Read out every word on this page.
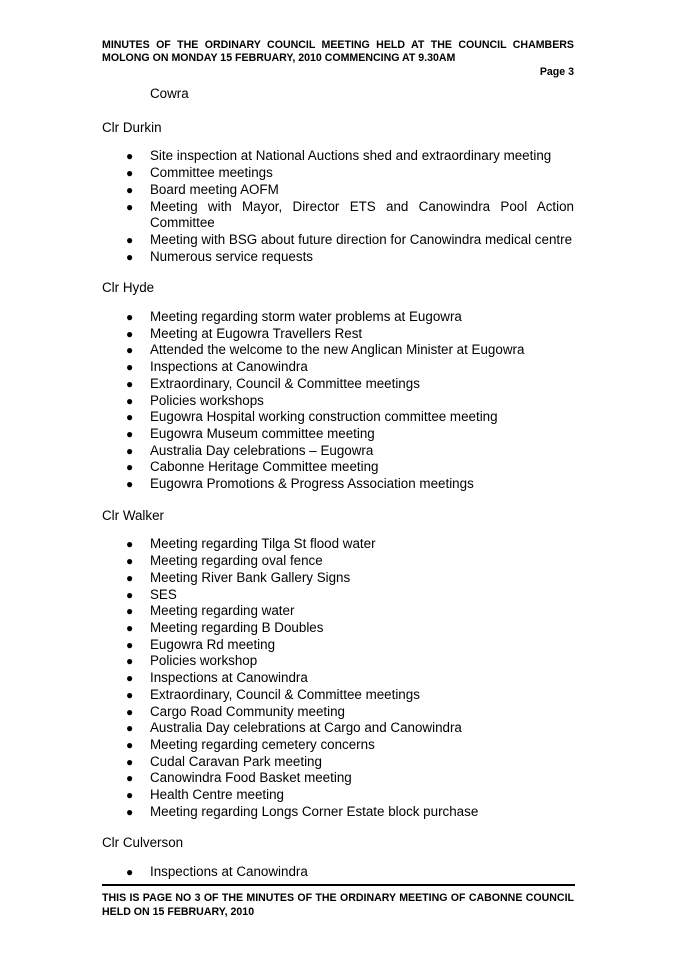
MINUTES OF THE ORDINARY COUNCIL MEETING HELD AT THE COUNCIL CHAMBERS MOLONG ON MONDAY 15 FEBRUARY, 2010 COMMENCING AT 9.30AM
Page 3
Cowra
Clr Durkin
● Site inspection at National Auctions shed and extraordinary meeting
● Committee meetings
● Board meeting AOFM
● Meeting with Mayor, Director ETS and Canowindra Pool Action Committee
● Meeting with BSG about future direction for Canowindra medical centre
● Numerous service requests
Clr Hyde
● Meeting regarding storm water problems at Eugowra
● Meeting at Eugowra Travellers Rest
● Attended the welcome to the new Anglican Minister at Eugowra
● Inspections at Canowindra
● Extraordinary, Council & Committee meetings
● Policies workshops
● Eugowra Hospital working construction committee meeting
● Eugowra Museum committee meeting
● Australia Day celebrations – Eugowra
● Cabonne Heritage Committee meeting
● Eugowra Promotions & Progress Association meetings
Clr Walker
● Meeting regarding Tilga St flood water
● Meeting regarding oval fence
● Meeting River Bank Gallery Signs
● SES
● Meeting regarding water
● Meeting regarding B Doubles
● Eugowra Rd meeting
● Policies workshop
● Inspections at Canowindra
● Extraordinary, Council & Committee meetings
● Cargo Road Community meeting
● Australia Day celebrations at Cargo and Canowindra
● Meeting regarding cemetery concerns
● Cudal Caravan Park meeting
● Canowindra Food Basket meeting
● Health Centre meeting
● Meeting regarding Longs Corner Estate block purchase
Clr Culverson
● Inspections at Canowindra
THIS IS PAGE NO 3 OF THE MINUTES OF THE ORDINARY MEETING OF CABONNE COUNCIL HELD ON 15 FEBRUARY, 2010
